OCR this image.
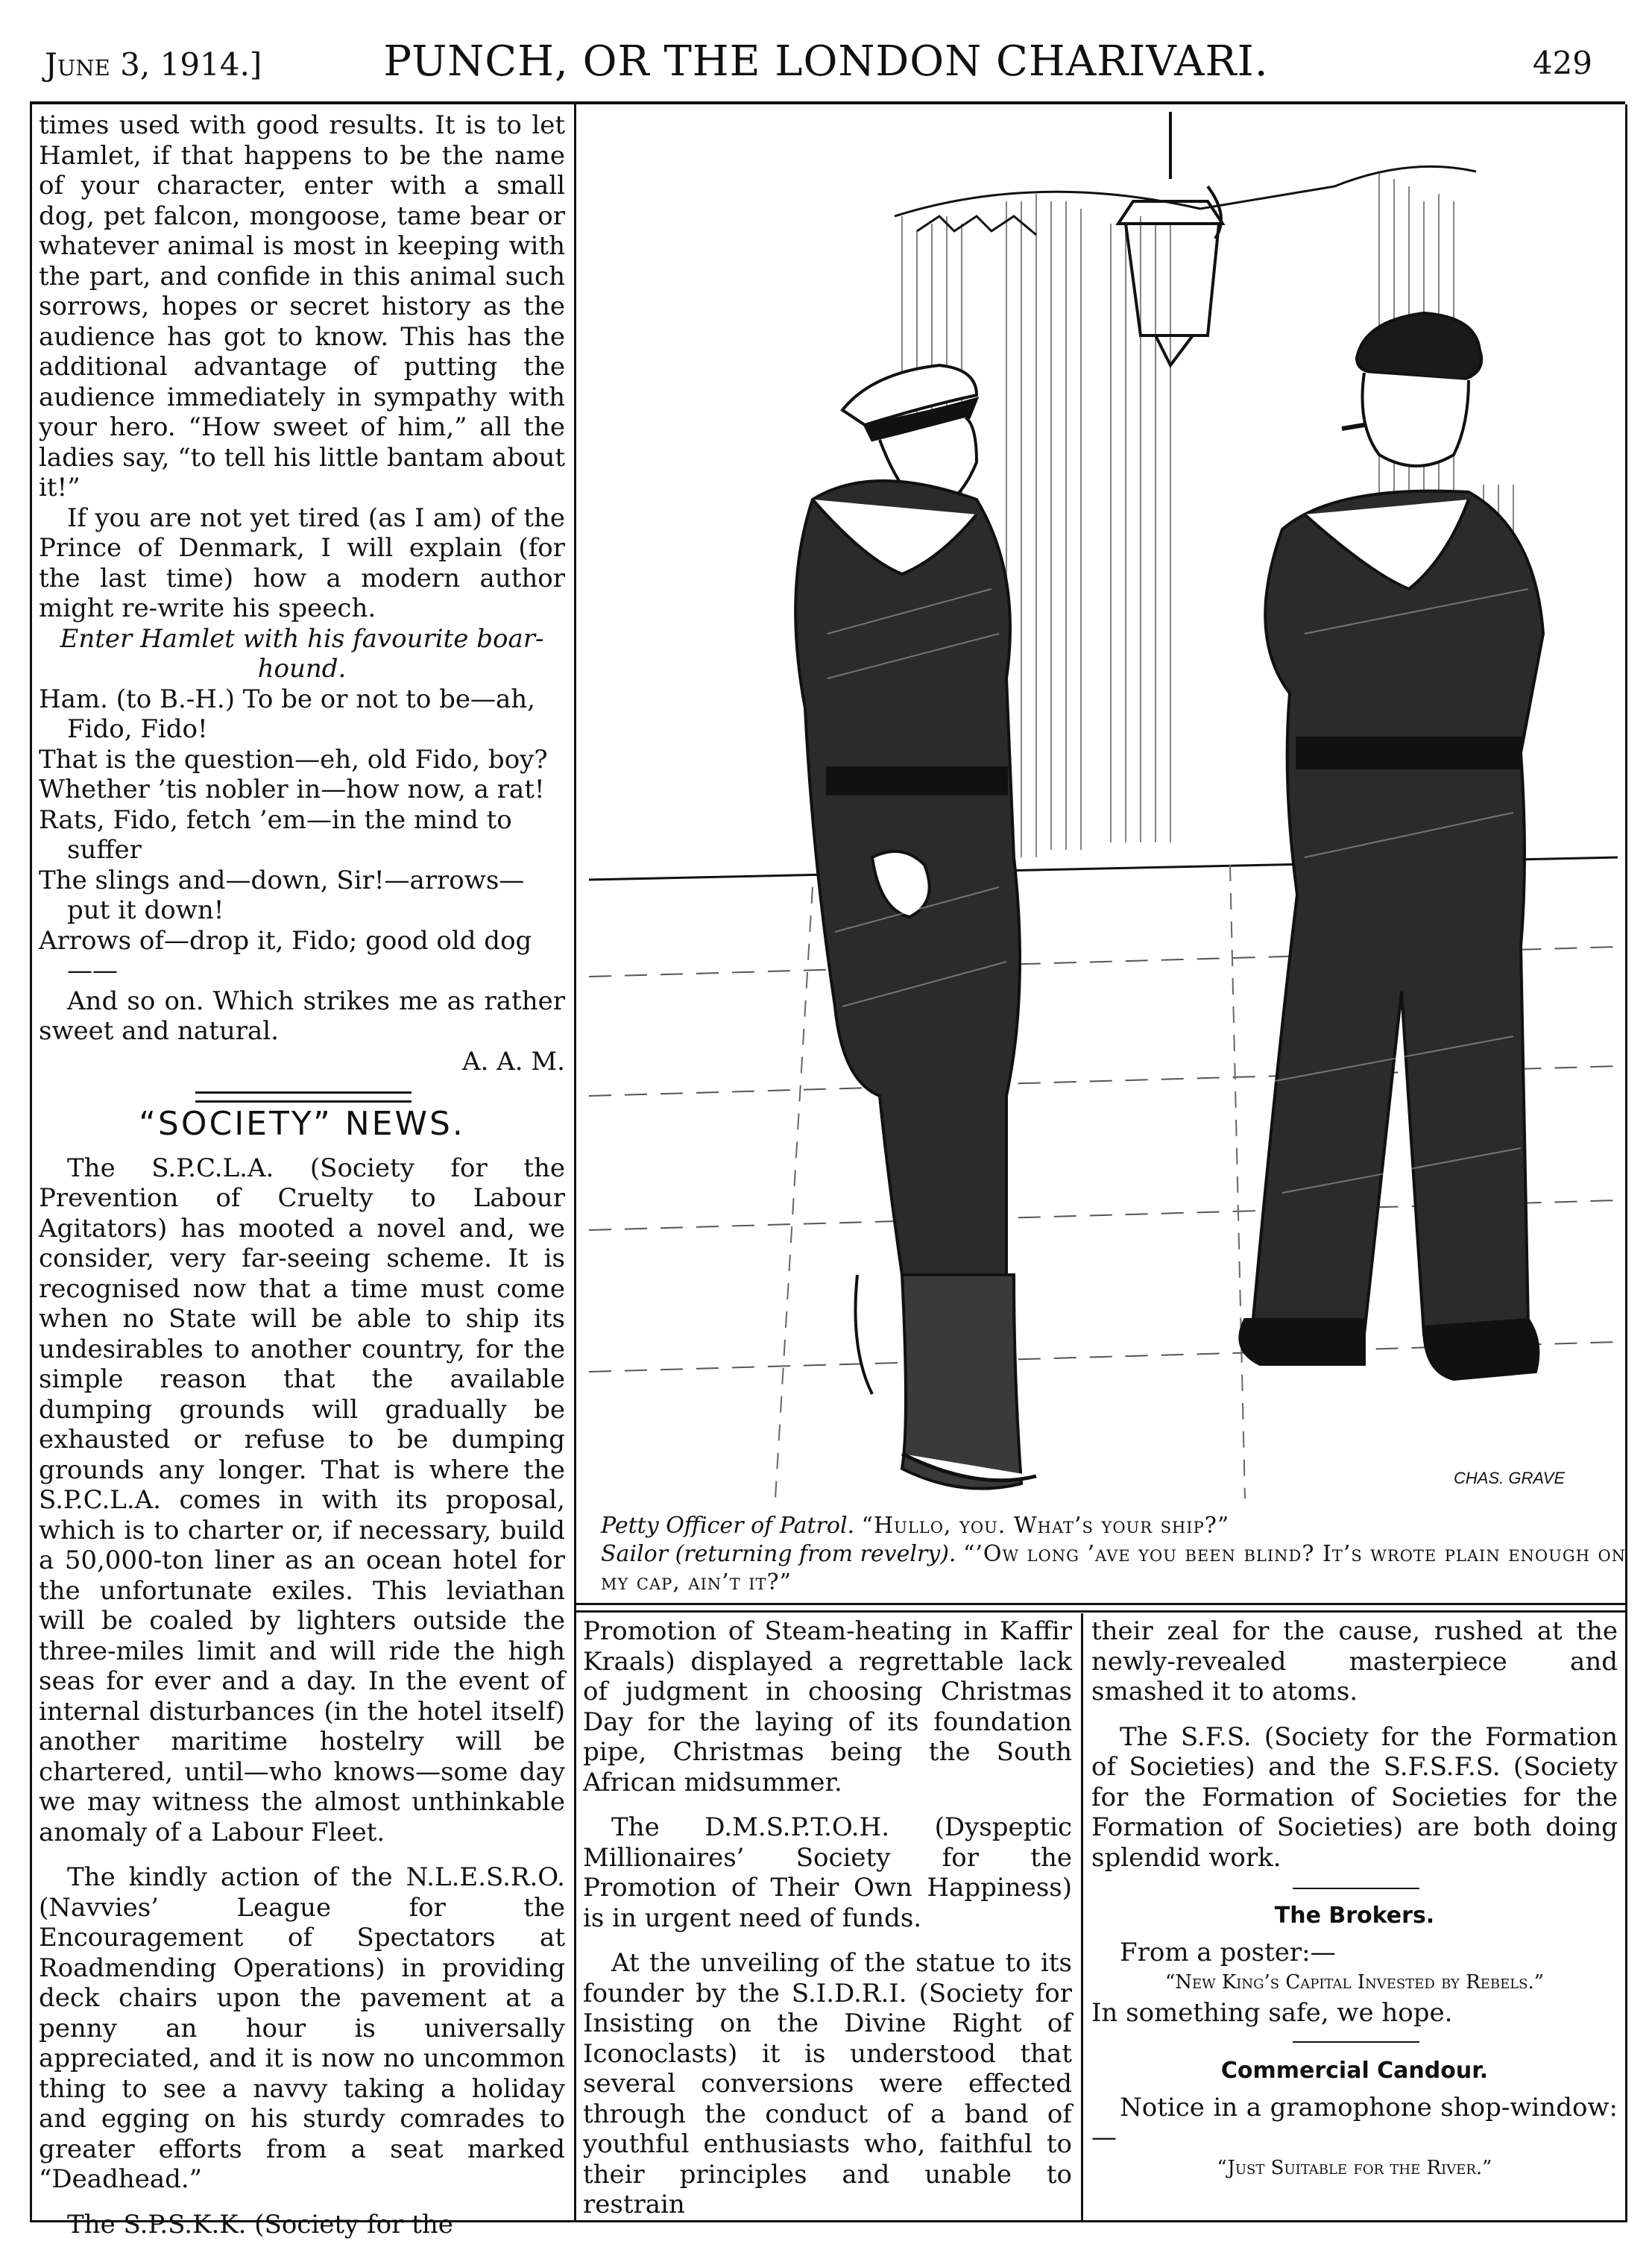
June 3, 1914.]	PUNCH, OR THE LONDON CHARIVARI.	429

times used with good results. It is to let Hamlet, if that happens to be the name of your character, enter with a small dog, pet falcon, mongoose, tame bear or whatever animal is most in keeping with the part, and confide in this animal such sorrows, hopes or secret history as the audience has got to know. This has the additional advantage of putting the audience immediately in sympathy with your hero. “How sweet of him,” all the ladies say, “to tell his little bantam about it!”

If you are not yet tired (as I am) of the Prince of Denmark, I will explain (for the last time) how a modern author might re-write his speech.

Enter Hamlet with his favourite boar-hound.

Ham. (to B.-H.) To be or not to be—ah, Fido, Fido!

That is the question—eh, old Fido, boy?

Whether ’tis nobler in—how now, a rat!

Rats, Fido, fetch ’em—in the mind to suffer

The slings and—down, Sir!—arrows—put it down!

Arrows of—drop it, Fido; good old dog——

And so on. Which strikes me as rather sweet and natural.

A. A. M.

“SOCIETY” NEWS.

The S.P.C.L.A. (Society for the Prevention of Cruelty to Labour Agitators) has mooted a novel and, we consider, very far-seeing scheme. It is recognised now that a time must come when no State will be able to ship its undesirables to another country, for the simple reason that the available dumping grounds will gradually be exhausted or refuse to be dumping grounds any longer. That is where the S.P.C.L.A. comes in with its proposal, which is to charter or, if necessary, build a 50,000-ton liner as an ocean hotel for the unfortunate exiles. This leviathan will be coaled by lighters outside the three-miles limit and will ride the high seas for ever and a day. In the event of internal disturbances (in the hotel itself) another maritime hostelry will be chartered, until—who knows—some day we may witness the almost unthinkable anomaly of a Labour Fleet.

The kindly action of the N.L.E.S.R.O. (Navvies’ League for the Encouragement of Spectators at Roadmending Operations) in providing deck chairs upon the pavement at a penny an hour is universally appreciated, and it is now no uncommon thing to see a navvy taking a holiday and egging on his sturdy comrades to greater efforts from a seat marked “Deadhead.”

The S.P.S.K.K. (Society for the

CHAS. GRAVE

Petty Officer of Patrol. “Hullo, you. What’s your ship?”

Sailor (returning from revelry). “’Ow long ’ave you been blind? It’s wrote plain enough on my cap, ain’t it?”

Promotion of Steam-heating in Kaffir Kraals) displayed a regrettable lack of judgment in choosing Christmas Day for the laying of its foundation pipe, Christmas being the South African midsummer.

The D.M.S.P.T.O.H. (Dyspeptic Millionaires’ Society for the Promotion of Their Own Happiness) is in urgent need of funds.

At the unveiling of the statue to its founder by the S.I.D.R.I. (Society for Insisting on the Divine Right of Iconoclasts) it is understood that several conversions were effected through the conduct of a band of youthful enthusiasts who, faithful to their principles and unable to restrain

their zeal for the cause, rushed at the newly-revealed masterpiece and smashed it to atoms.

The S.F.S. (Society for the Formation of Societies) and the S.F.S.F.S. (Society for the Formation of Societies for the Formation of Societies) are both doing splendid work.

The Brokers.

From a poster:—

“New King’s Capital Invested by Rebels.”

In something safe, we hope.

Commercial Candour.

Notice in a gramophone shop-window:—

“Just Suitable for the River.”
